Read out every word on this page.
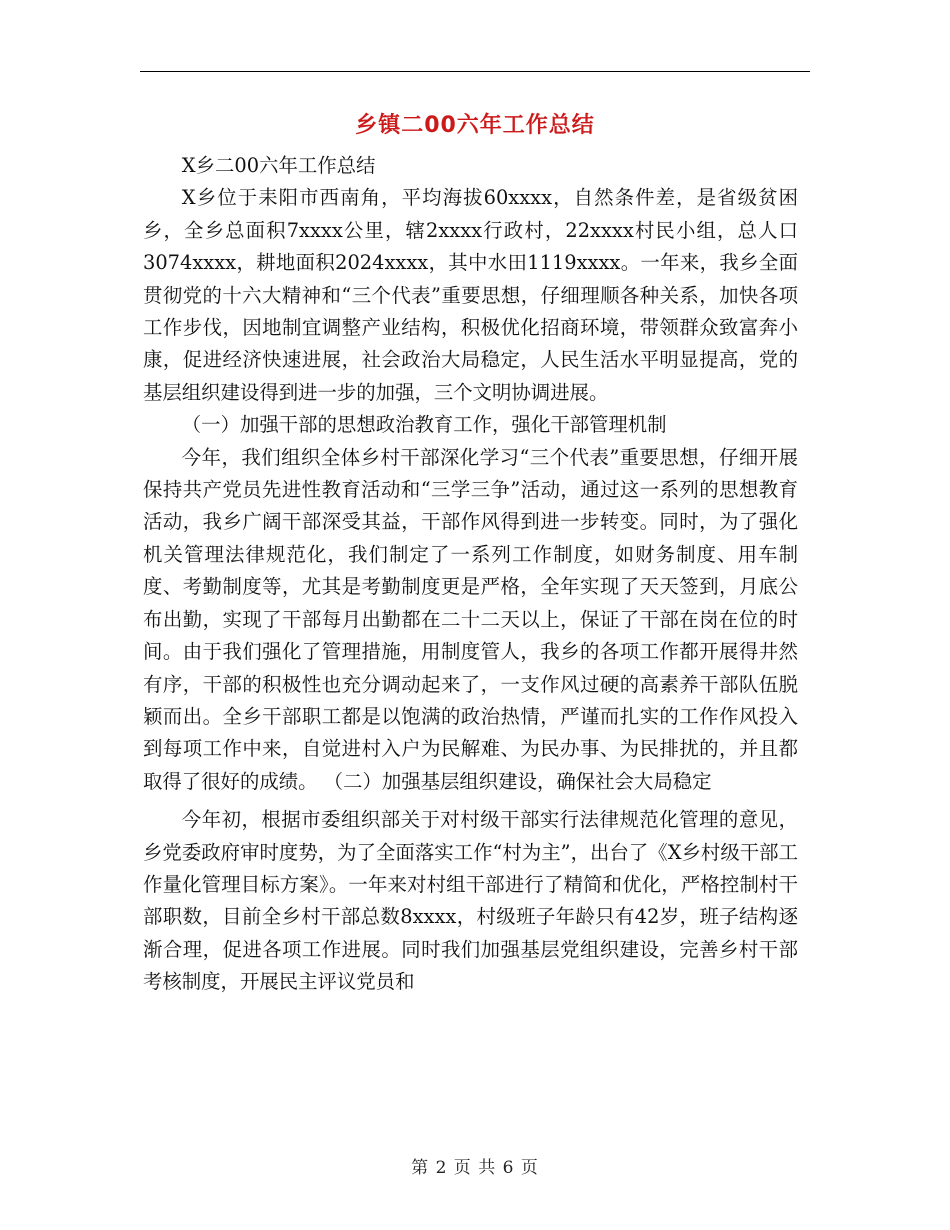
乡镇二00六年工作总结

X乡二00六年工作总结

X乡位于耒阳市西南角，平均海拔60xxxx，自然条件差，是省级贫困乡，全乡总面积7xxxx公里，辖2xxxx行政村，22xxxx村民小组，总人口3074xxxx，耕地面积2024xxxx，其中水田1119xxxx。一年来，我乡全面贯彻党的十六大精神和“三个代表”重要思想，仔细理顺各种关系，加快各项工作步伐，因地制宜调整产业结构，积极优化招商环境，带领群众致富奔小康，促进经济快速进展，社会政治大局稳定，人民生活水平明显提高，党的基层组织建设得到进一步的加强，三个文明协调进展。

（一）加强干部的思想政治教育工作，强化干部管理机制

今年，我们组织全体乡村干部深化学习“三个代表”重要思想，仔细开展保持共产党员先进性教育活动和“三学三争”活动，通过这一系列的思想教育活动，我乡广阔干部深受其益，干部作风得到进一步转变。同时，为了强化机关管理法律规范化，我们制定了一系列工作制度，如财务制度、用车制度、考勤制度等，尤其是考勤制度更是严格，全年实现了天天签到，月底公布出勤，实现了干部每月出勤都在二十二天以上，保证了干部在岗在位的时间。由于我们强化了管理措施，用制度管人，我乡的各项工作都开展得井然有序，干部的积极性也充分调动起来了，一支作风过硬的高素养干部队伍脱颖而出。全乡干部职工都是以饱满的政治热情，严谨而扎实的工作作风投入到每项工作中来，自觉进村入户为民解难、为民办事、为民排扰的，并且都取得了很好的成绩。 （二）加强基层组织建设，确保社会大局稳定

今年初，根据市委组织部关于对村级干部实行法律规范化管理的意见，乡党委政府审时度势，为了全面落实工作“村为主”，出台了《X乡村级干部工作量化管理目标方案》。一年来对村组干部进行了精简和优化，严格控制村干部职数，目前全乡村干部总数8xxxx，村级班子年龄只有42岁，班子结构逐渐合理，促进各项工作进展。同时我们加强基层党组织建设，完善乡村干部考核制度，开展民主评议党员和

第 2 页 共 6 页
